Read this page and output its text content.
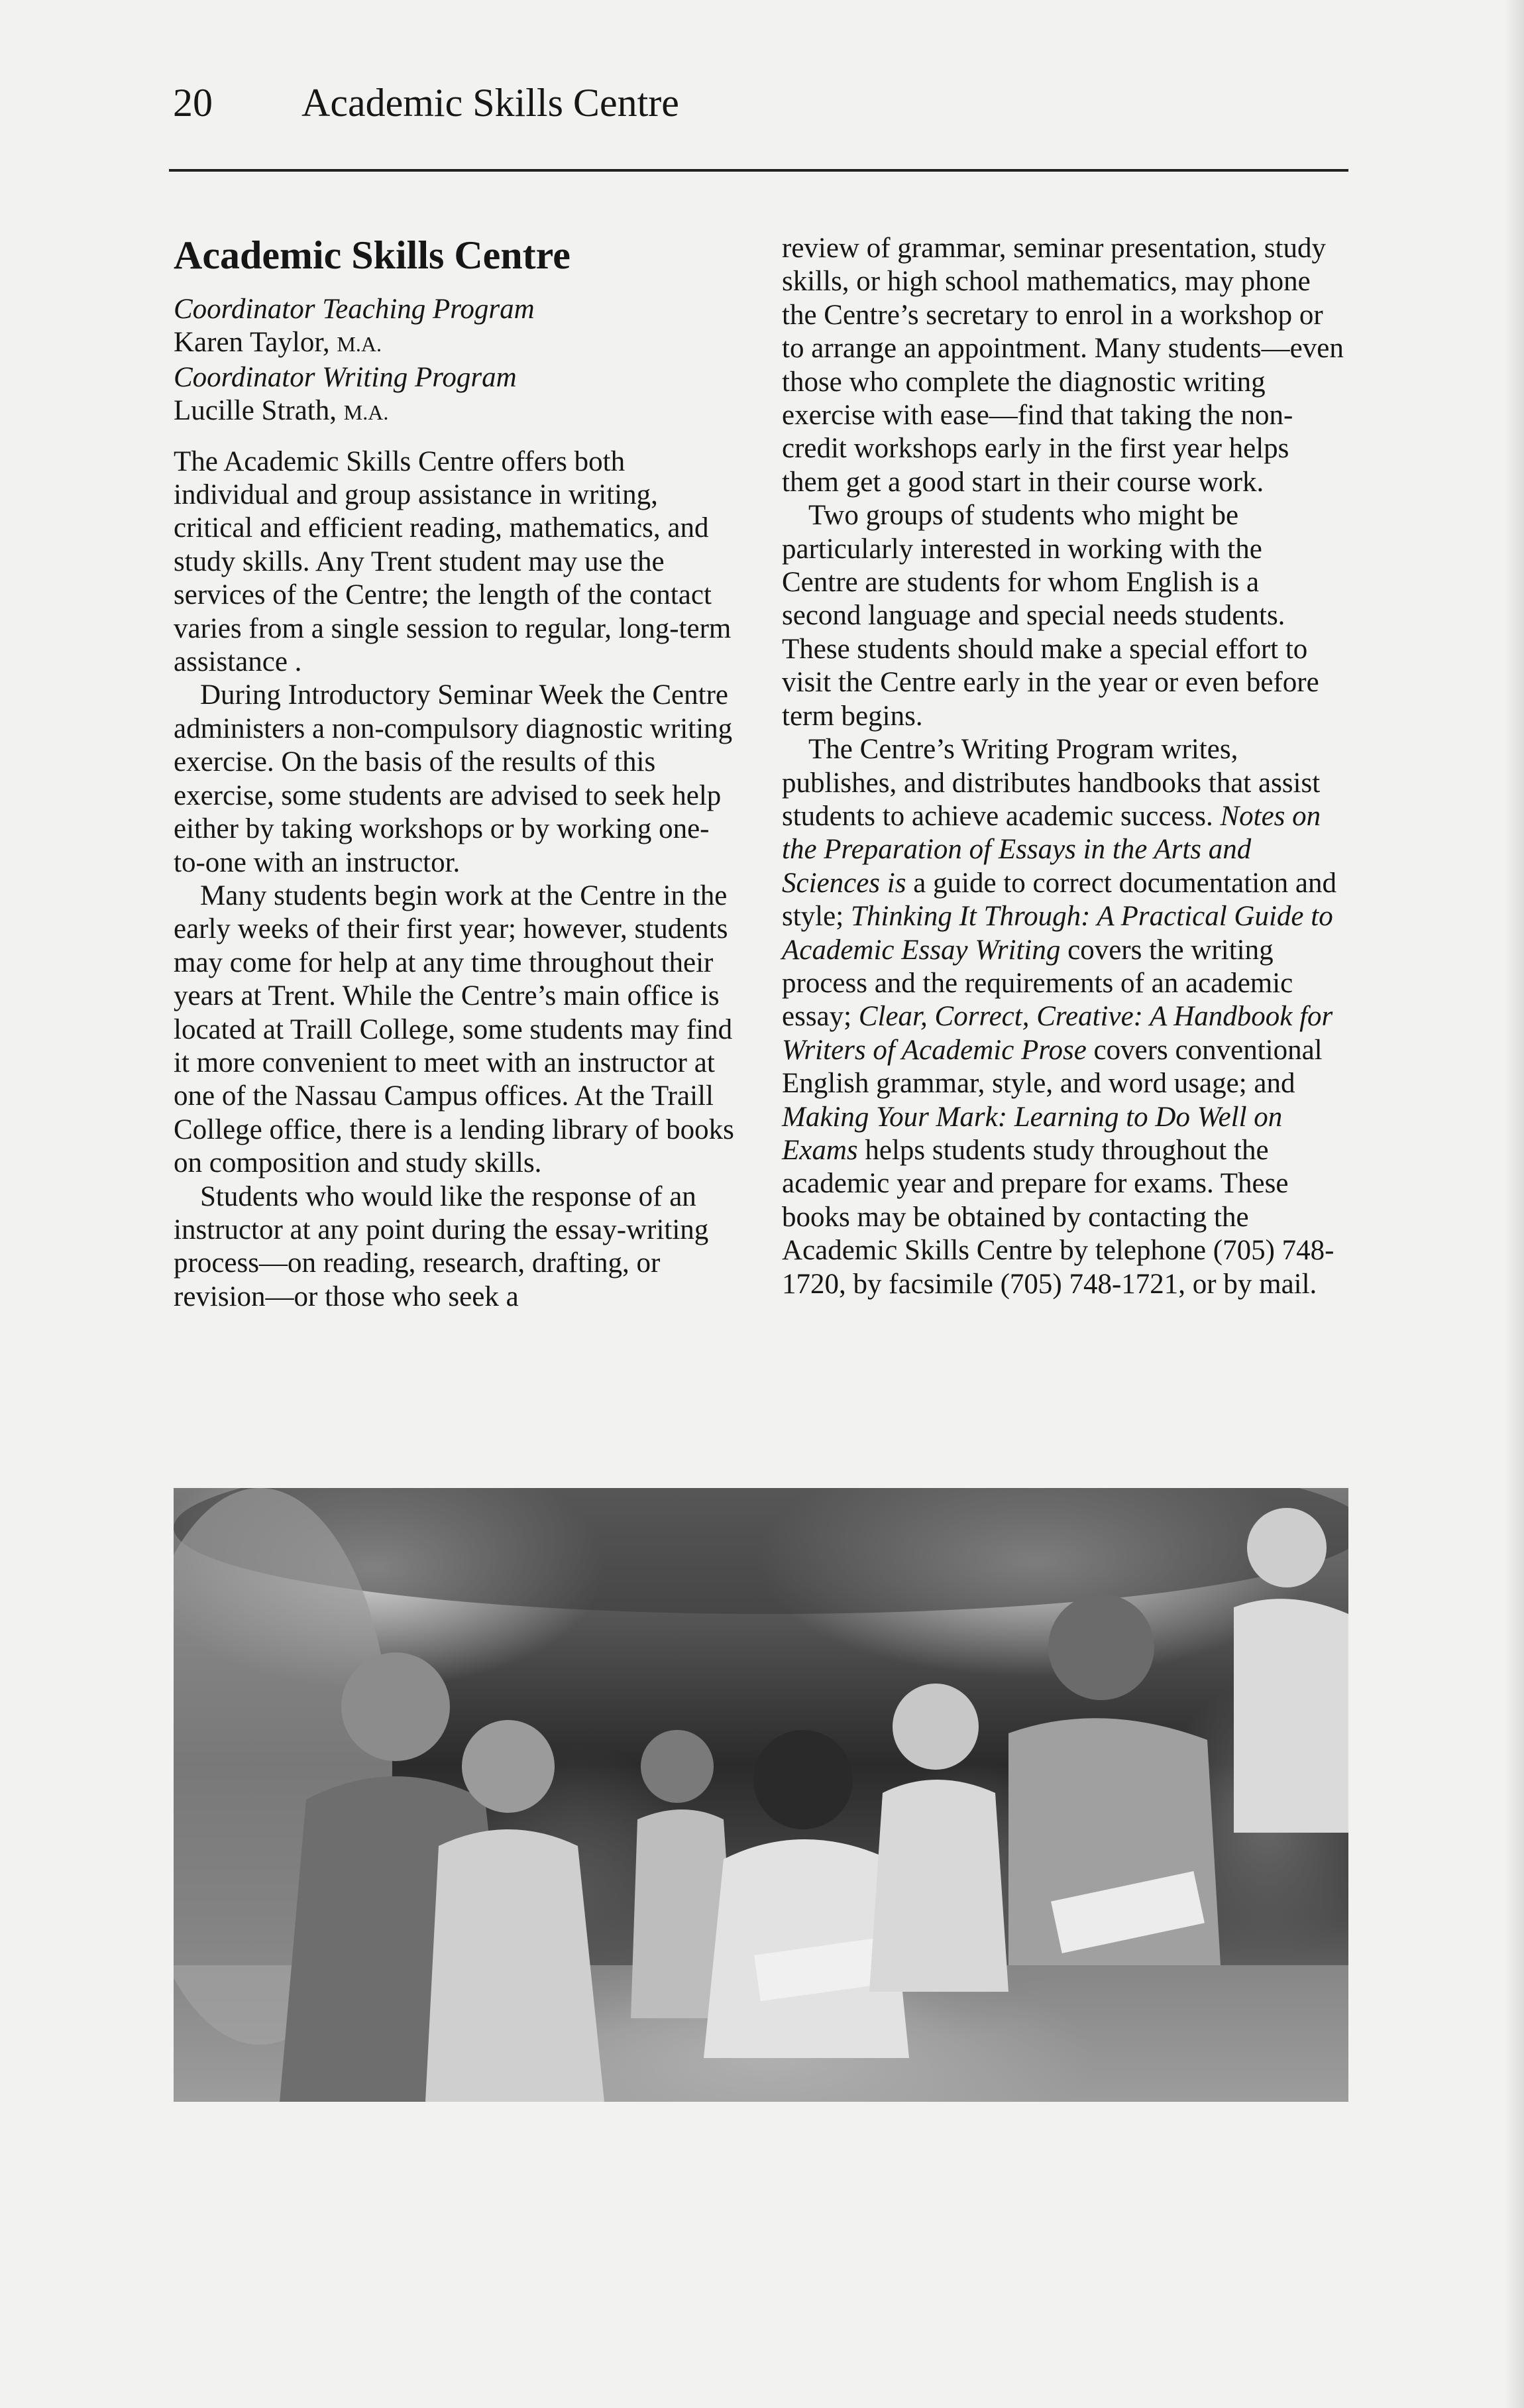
20 Academic Skills Centre
Academic Skills Centre

Coordinator Teaching Program

Karen Taylor, M.A.

Coordinator Writing Program

Lucille Strath, M.A.

The Academic Skills Centre offers both individual and group assistance in writing, critical and efficient reading, mathematics, and study skills. Any Trent student may use the services of the Centre; the length of the contact varies from a single session to regular, long-term assistance .

During Introductory Seminar Week the Centre administers a non-compulsory diagnostic writing exercise. On the basis of the results of this exercise, some students are advised to seek help either by taking workshops or by working one-to-one with an instructor.

Many students begin work at the Centre in the early weeks of their first year; however, students may come for help at any time throughout their years at Trent. While the Centre’s main office is located at Traill College, some students may find it more convenient to meet with an instructor at one of the Nassau Campus offices. At the Traill College office, there is a lending library of books on composition and study skills.

Students who would like the response of an instructor at any point during the essay-writing process—on reading, research, drafting, or revision—or those who seek a

review of grammar, seminar presentation, study skills, or high school mathematics, may phone the Centre’s secretary to enrol in a workshop or to arrange an appointment. Many students—even those who complete the diagnostic writing exercise with ease—find that taking the non-credit workshops early in the first year helps them get a good start in their course work.

Two groups of students who might be particularly interested in working with the Centre are students for whom English is a second language and special needs students. These students should make a special effort to visit the Centre early in the year or even before term begins.

The Centre’s Writing Program writes, publishes, and distributes handbooks that assist students to achieve academic success. Notes on the Preparation of Essays in the Arts and Sciences is a guide to correct documentation and style; Thinking It Through: A Practical Guide to Academic Essay Writing covers the writing process and the requirements of an academic essay; Clear, Correct, Creative: A Handbook for Writers of Academic Prose covers conventional English grammar, style, and word usage; and Making Your Mark: Learning to Do Well on Exams helps students study throughout the academic year and prepare for exams. These books may be obtained by contacting the Academic Skills Centre by telephone (705) 748-1720, by facsimile (705) 748-1721, or by mail.
